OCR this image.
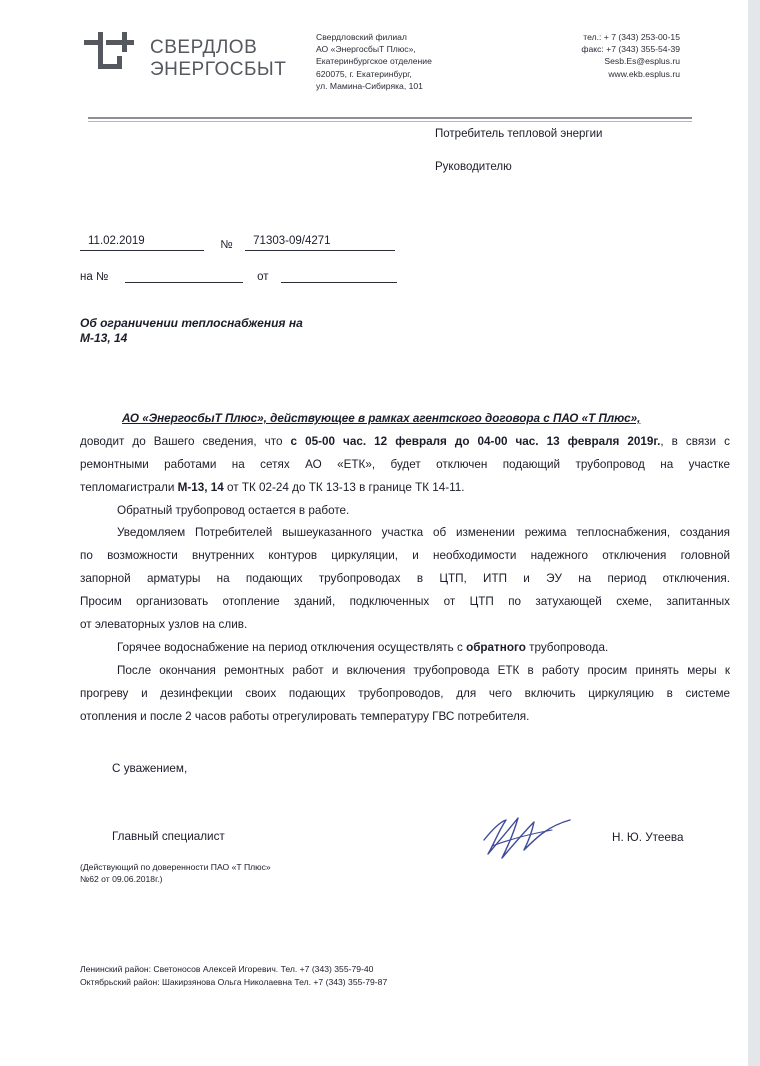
СВЕРДЛОВ
ЭНЕРГОСБЫТ
Свердловский филиал
АО «ЭнергосбыТ Плюс»,
Екатеринбургское отделение
620075, г. Екатеринбург,
ул. Мамина-Сибиряка, 101
тел.: + 7 (343) 253-00-15
факс: +7 (343) 355-54-39
Sesb.Es@esplus.ru
www.ekb.esplus.ru
Потребитель тепловой энергии
Руководителю
11.02.2019	№ 71303-09/4271
на №	от
Об ограничении теплоснабжения на
М-13, 14
АО «ЭнергосбыТ Плюс», действующее в рамках агентского договора с ПАО «Т Плюс»,
доводит до Вашего сведения, что с 05-00 час. 12 февраля до 04-00 час. 13 февраля 2019г., в связи с
ремонтными работами на сетях АО «ЕТК», будет отключен подающий трубопровод на участке
тепломагистрали М-13, 14 от ТК 02-24 до ТК 13-13 в границе ТК 14-11.
Обратный трубопровод остается в работе.
Уведомляем Потребителей вышеуказанного участка об изменении режима теплоснабжения, создания
по возможности внутренних контуров циркуляции, и необходимости надежного отключения головной
запорной арматуры на подающих трубопроводах в ЦТП, ИТП и ЭУ на период отключения.
Просим организовать отопление зданий, подключенных от ЦТП по затухающей схеме, запитанных
от элеваторных узлов на слив.
Горячее водоснабжение на период отключения осуществлять с обратного трубопровода.
После окончания ремонтных работ и включения трубопровода ЕТК в работу просим принять меры к
прогреву и дезинфекции своих подающих трубопроводов, для чего включить циркуляцию в системе
отопления и после 2 часов работы отрегулировать температуру ГВС потребителя.
С уважением,
Главный специалист	Н. Ю. Утеева
(Действующий по доверенности ПАО «Т Плюс»
№62 от 09.06.2018г.)
Ленинский район: Светоносов Алексей Игоревич. Тел. +7 (343) 355-79-40
Октябрьский район: Шакирзянова Ольга Николаевна Тел. +7 (343) 355-79-87
